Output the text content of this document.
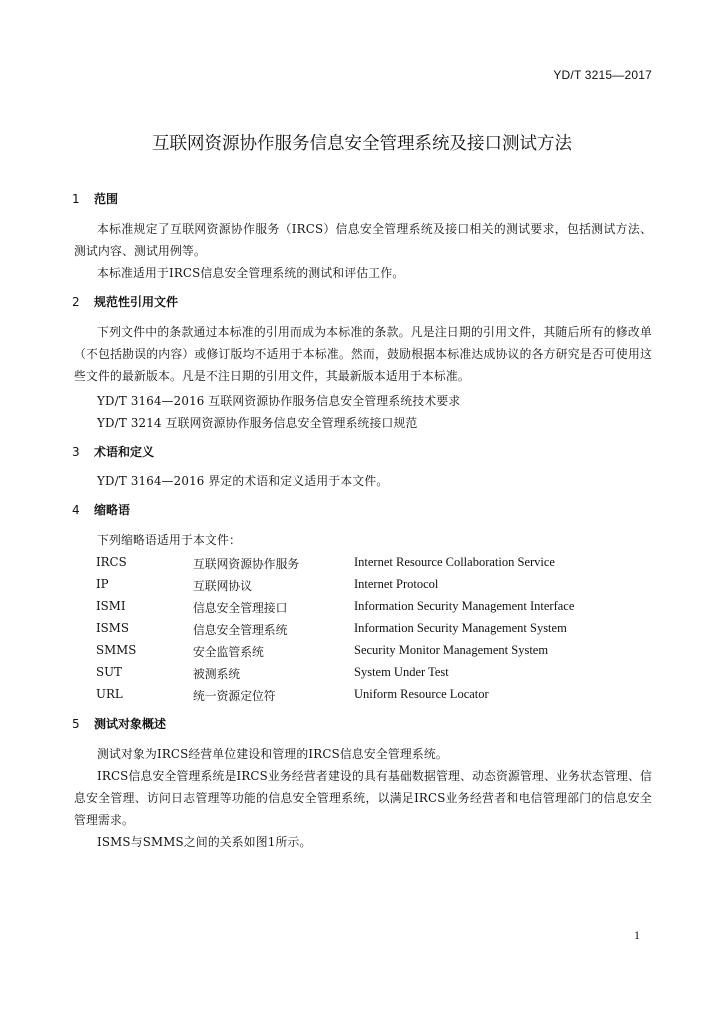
YD/T 3215—2017
互联网资源协作服务信息安全管理系统及接口测试方法
1 范围
本标准规定了互联网资源协作服务（IRCS）信息安全管理系统及接口相关的测试要求，包括测试方法、测试内容、测试用例等。
本标准适用于IRCS信息安全管理系统的测试和评估工作。
2 规范性引用文件
下列文件中的条款通过本标准的引用而成为本标准的条款。凡是注日期的引用文件，其随后所有的修改单（不包括勘误的内容）或修订版均不适用于本标准。然而，鼓励根据本标准达成协议的各方研究是否可使用这些文件的最新版本。凡是不注日期的引用文件，其最新版本适用于本标准。
YD/T 3164—2016 互联网资源协作服务信息安全管理系统技术要求
YD/T 3214 互联网资源协作服务信息安全管理系统接口规范
3 术语和定义
YD/T 3164—2016 界定的术语和定义适用于本文件。
4 缩略语
下列缩略语适用于本文件：
IRCS	互联网资源协作服务	Internet Resource Collaboration Service
IP	互联网协议	Internet Protocol
ISMI	信息安全管理接口	Information Security Management Interface
ISMS	信息安全管理系统	Information Security Management System
SMMS	安全监管系统	Security Monitor Management System
SUT	被测系统	System Under Test
URL	统一资源定位符	Uniform Resource Locator
5 测试对象概述
测试对象为IRCS经营单位建设和管理的IRCS信息安全管理系统。
IRCS信息安全管理系统是IRCS业务经营者建设的具有基础数据管理、动态资源管理、业务状态管理、信息安全管理、访问日志管理等功能的信息安全管理系统，以满足IRCS业务经营者和电信管理部门的信息安全管理需求。
ISMS与SMMS之间的关系如图1所示。
1
